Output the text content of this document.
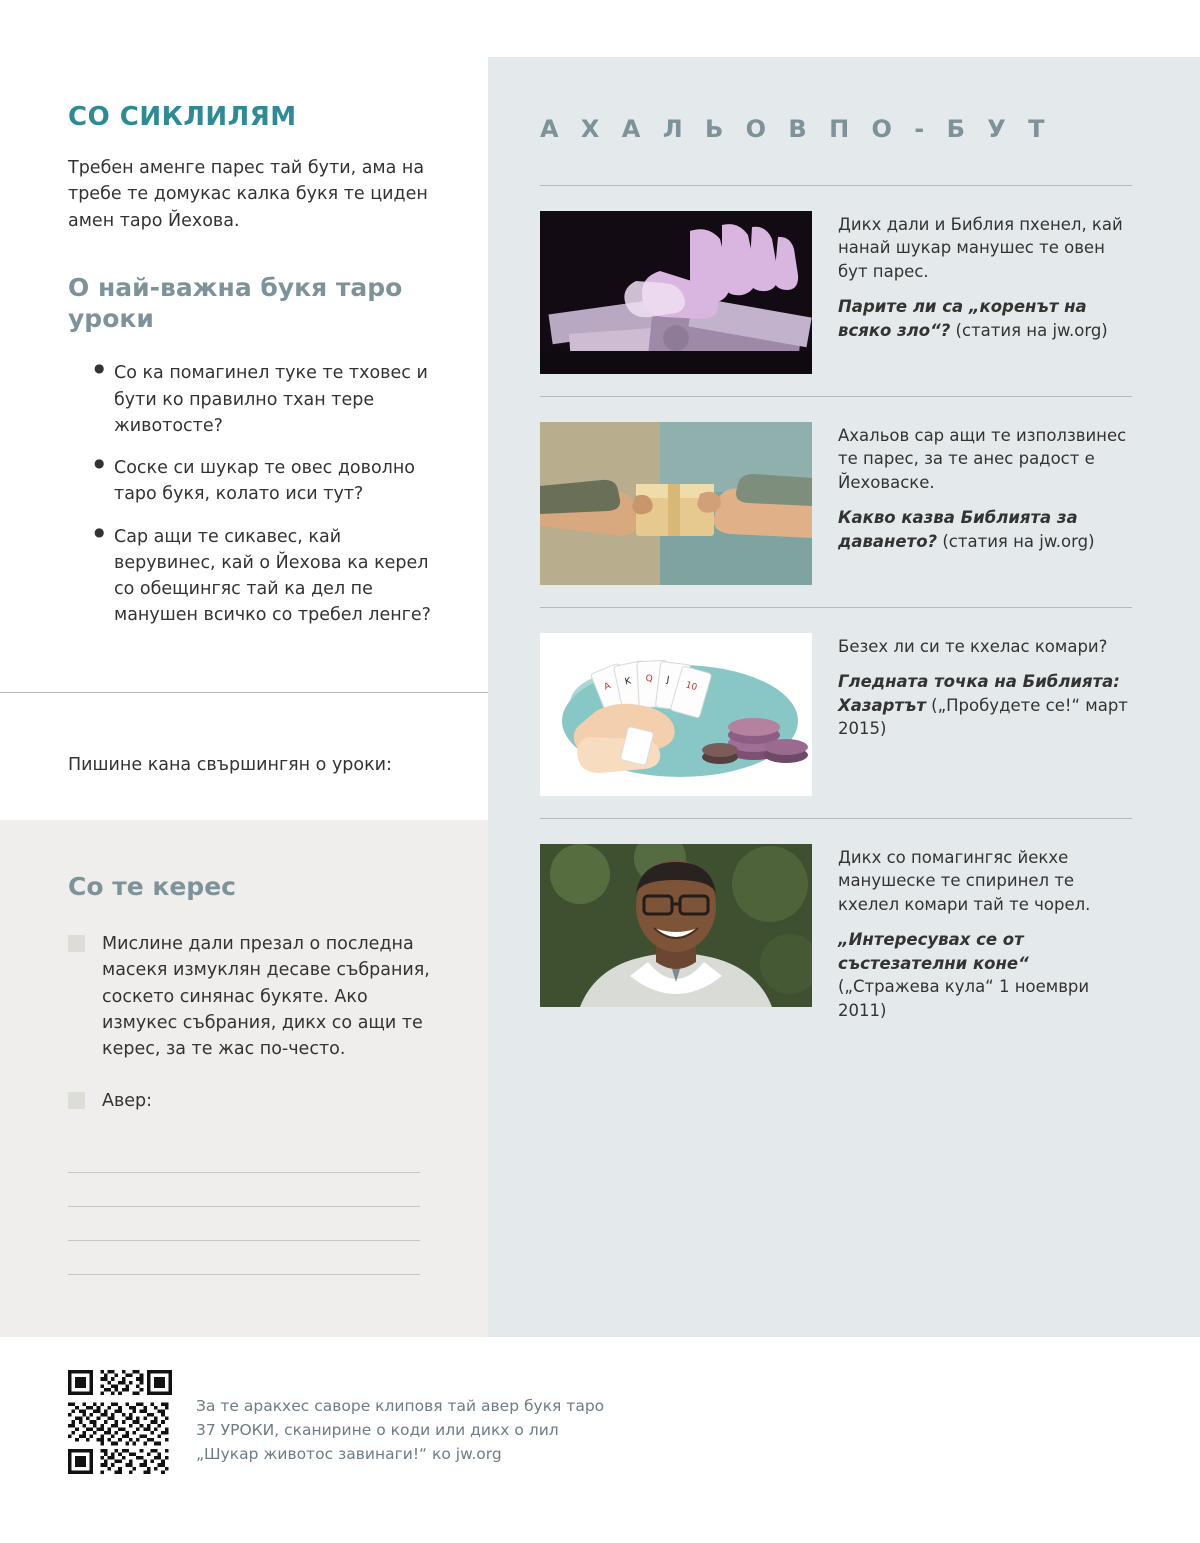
А Х А Л Ь О В П О - Б У Т

Дикх дали и Библия пхенел, кай нанай шукар манушес те овен бут парес.

Парите ли са „коренът на всяко зло“? (статия на jw.org)

Ахальов сар ащи те използвинес те парес, за те анес радост е Йеховаске.

Какво казва Библията за даването? (статия на jw.org)

A K Q J
10

Безех ли си те кхелас комари?

Гледната точка на Библията: Хазартът („Пробудете се!“ март 2015)

Дикх со помагингяс йекхе манушеске те спиринел те кхелел комари тай те чорел.

„Интересувах се от състезателни коне“ („Стражева кула“ 1 ноември 2011)

СО СИКЛИЛЯМ

Требен аменге парес тай бути, ама на требе те домукас калка букя те циден амен таро Йехова.

О най-важна букя таро уроки
● Со ка помагинел туке те тховес и бути ко правилно тхан тере животосте?
● Соске си шукар те овес доволно таро букя, колато иси тут?
● Сар ащи те сикавес, кай верувинес, кай о Йехова ка керел со обещингяс тай ка дел пе манушен всичко со требел ленге?
Пишине кана свършингян о уроки:
Со те керес
Мислине дали презал о последна масекя измуклян десаве събрания, соскето синянас букяте. Ако измукес събрания, дикх со ащи те керес, за те жас по-често.
Авер:
За те аракхес саворе клиповя тай авер букя таро
37 УРОКИ, сканирине о коди или дикх о лил
„Шукар животос завинаги!“ ко jw.org
